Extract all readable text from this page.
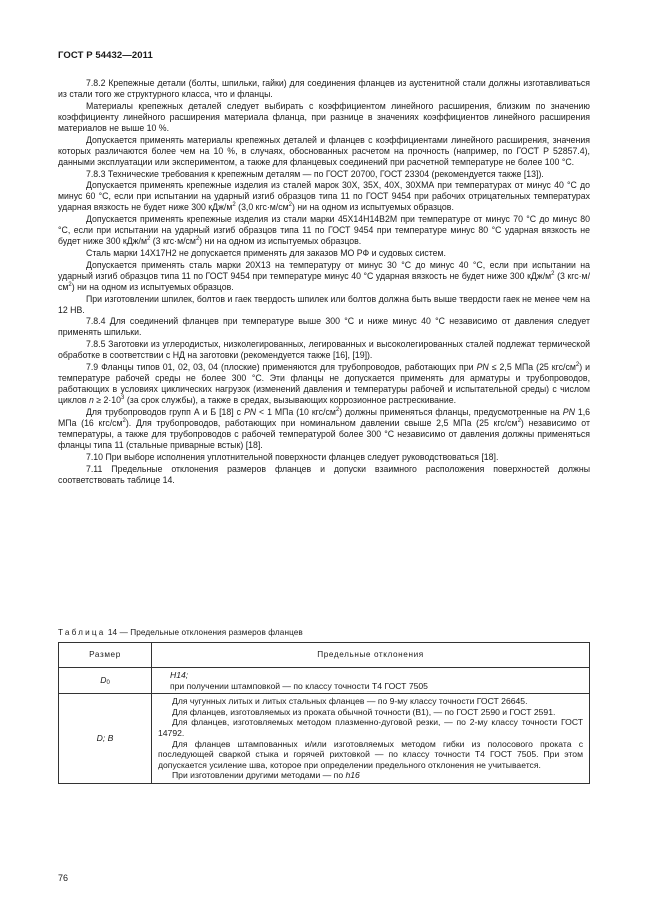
ГОСТ Р 54432—2011

7.8.2 Крепежные детали (болты, шпильки, гайки) для соединения фланцев из аустенитной стали должны изготавливаться из стали того же структурного класса, что и фланцы.

Материалы крепежных деталей следует выбирать с коэффициентом линейного расширения, близким по значению коэффициенту линейного расширения материала фланца, при разнице в значениях коэффициентов линейного расширения материалов не выше 10 %.

Допускается применять материалы крепежных деталей и фланцев с коэффициентами линейного расширения, значения которых различаются более чем на 10 %, в случаях, обоснованных расчетом на прочность (например, по ГОСТ Р 52857.4), данными эксплуатации или экспериментом, а также для фланцевых соединений при расчетной температуре не более 100 °С.

7.8.3 Технические требования к крепежным деталям — по ГОСТ 20700, ГОСТ 23304 (рекомендуется также [13]).

Допускается применять крепежные изделия из сталей марок 30Х, 35Х, 40Х, 30ХМА при температурах от минус 40 °С до минус 60 °С, если при испытании на ударный изгиб образцов типа 11 по ГОСТ 9454 при рабочих отрицательных температурах ударная вязкость не будет ниже 300 кДж/$м^2$ (3,0 $кгс\cdot м/см^2$) ни на одном из испытуемых образцов.

Допускается применять крепежные изделия из стали марки 45Х14Н14В2М при температуре от минус 70 °С до минус 80 °С, если при испытании на ударный изгиб образцов типа 11 по ГОСТ 9454 при температуре минус 80 °С ударная вязкость не будет ниже 300 кДж/$м^2$ (3 $кгс\cdot м/см^2$) ни на одном из испытуемых образцов.

Сталь марки 14Х17Н2 не допускается применять для заказов МО РФ и судовых систем.

Допускается применять сталь марки 20Х13 на температуру от минус 30 °С до минус 40 °С, если при испытании на ударный изгиб образцов типа 11 по ГОСТ 9454 при температуре минус 40 °С ударная вязкость не будет ниже 300 кДж/$м^2$ (3 $кгс\cdot м/см^2$) ни на одном из испытуемых образцов.

При изготовлении шпилек, болтов и гаек твердость шпилек или болтов должна быть выше твердости гаек не менее чем на 12 НВ.

7.8.4 Для соединений фланцев при температуре выше 300 °С и ниже минус 40 °С независимо от давления следует применять шпильки.

7.8.5 Заготовки из углеродистых, низколегированных, легированных и высоколегированных сталей подлежат термической обработке в соответствии с НД на заготовки (рекомендуется также [16], [19]).

7.9 Фланцы типов 01, 02, 03, 04 (плоские) применяются для трубопроводов, работающих при PN ≤ 2,5 МПа (25 кгс/$см^2$) и температуре рабочей среды не более 300 °С. Эти фланцы не допускается применять для арматуры и трубопроводов, работающих в условиях циклических нагрузок (изменений давления и температуры рабочей и испытательной среды) с числом циклов $n \ge 2\cdot 10^3$ (за срок службы), а также в средах, вызывающих коррозионное растрескивание.

Для трубопроводов групп А и Б [18] с PN < 1 МПа (10 кгс/$см^2$) должны применяться фланцы, предусмотренные на PN 1,6 МПа (16 кгс/$см^2$). Для трубопроводов, работающих при номинальном давлении свыше 2,5 МПа (25 кгс/$см^2$) независимо от температуры, а также для трубопроводов с рабочей температурой более 300 °С независимо от давления должны применяться фланцы типа 11 (стальные приварные встык) [18].

7.10 При выборе исполнения уплотнительной поверхности фланцев следует руководствоваться [18].

7.11 Предельные отклонения размеров фланцев и допуски взаимного расположения поверхностей должны соответствовать таблице 14.

Таблица 14 — Предельные отклонения размеров фланцев
Размер	Предельные отклонения
$D_0$	H14;

при получении штамповкой — по классу точности Т4 ГОСТ 7505

D; B	Для чугунных литых и литых стальных фланцев — по 9-му классу точности ГОСТ 26645.

Для фланцев, изготовляемых из проката обычной точности (В1), — по ГОСТ 2590 и ГОСТ 2591.

Для фланцев, изготовляемых методом плазменно-дуговой резки, — по 2-му классу точности ГОСТ 14792.

Для фланцев штампованных и/или изготовляемых методом гибки из полосового проката с последующей сваркой стыка и горячей рихтовкой — по классу точности Т4 ГОСТ 7505. При этом допускается усиление шва, которое при определении предельного отклонения не учитывается.

При изготовлении другими методами — по h16

76
